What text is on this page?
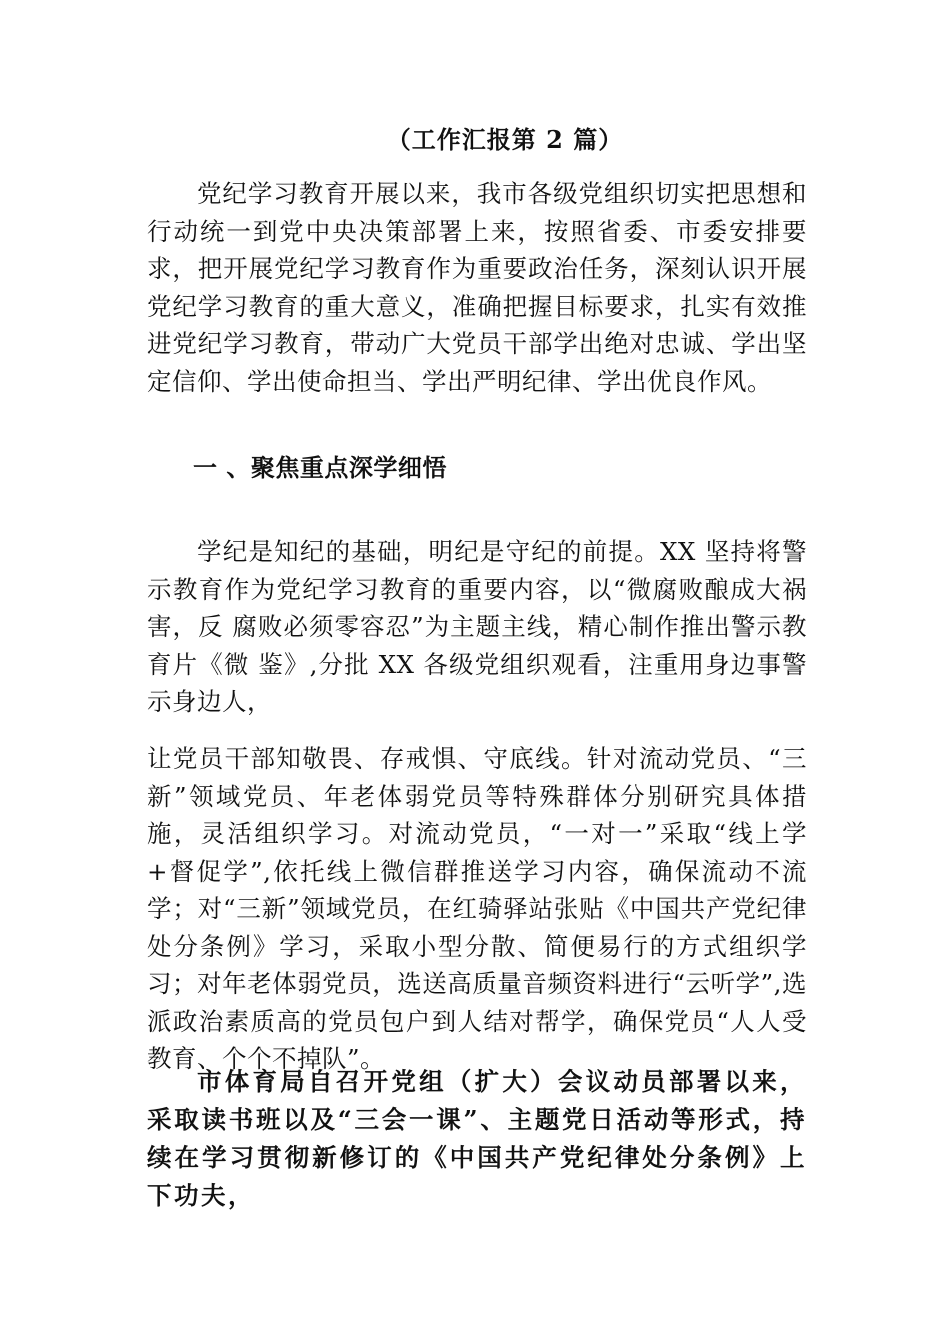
（工作汇报第 2 篇）

党纪学习教育开展以来，我市各级党组织切实把思想和行动统一到党中央决策部署上来，按照省委、市委安排要求，把开展党纪学习教育作为重要政治任务，深刻认识开展党纪学习教育的重大意义，准确把握目标要求，扎实有效推进党纪学习教育，带动广大党员干部学出绝对忠诚、学出坚定信仰、学出使命担当、学出严明纪律、学出优良作风。

一 、聚焦重点深学细悟

学纪是知纪的基础，明纪是守纪的前提。XX 坚持将警示教育作为党纪学习教育的重要内容，以“微腐败酿成大祸害，反 腐败必须零容忍”为主题主线，精心制作推出警示教育片《微 鉴》,分批 XX 各级党组织观看，注重用身边事警示身边人，

让党员干部知敬畏、存戒惧、守底线。针对流动党员、“三新”领域党员、年老体弱党员等特殊群体分别研究具体措施，灵活组织学习。对流动党员，“一对一”采取“线上学+督促学”,依托线上微信群推送学习内容，确保流动不流学；对“三新”领域党员，在红骑驿站张贴《中国共产党纪律处分条例》学习，采取小型分散、简便易行的方式组织学习；对年老体弱党员，选送高质量音频资料进行“云听学”,选派政治素质高的党员包户到人结对帮学，确保党员“人人受教育、个个不掉队”。

市体育局自召开党组（扩大）会议动员部署以来，采取读书班以及“三会一课”、主题党日活动等形式，持续在学习贯彻新修订的《中国共产党纪律处分条例》上下功夫，
